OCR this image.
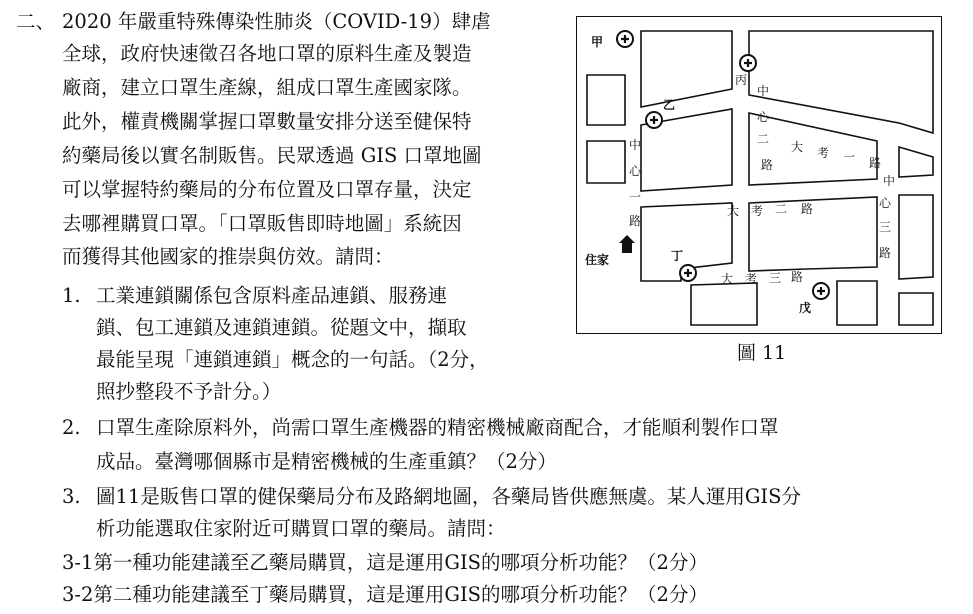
二、 2020 年嚴重特殊傳染性肺炎（COVID-19）肆虐
全球，政府快速徵召各地口罩的原料生產及製造
廠商，建立口罩生產線，組成口罩生產國家隊。
此外，權責機關掌握口罩數量安排分送至健保特
約藥局後以實名制販售。民眾透過 GIS 口罩地圖
可以掌握特約藥局的分布位置及口罩存量，決定
去哪裡購買口罩。「口罩販售即時地圖」系統因
而獲得其他國家的推崇與仿效。請問：
1. 工業連鎖關係包含原料產品連鎖、服務連
鎖、包工連鎖及連鎖連鎖。從題文中，擷取
最能呈現「連鎖連鎖」概念的一句話。（2分，
照抄整段不予計分。）
2. 口罩生產除原料外，尚需口罩生產機器的精密機械廠商配合，才能順利製作口罩
成品。臺灣哪個縣市是精密機械的生產重鎮？（2分）
3. 圖11是販售口罩的健保藥局分布及路網地圖，各藥局皆供應無虞。某人運用GIS分
析功能選取住家附近可購買口罩的藥局。請問：
3-1第一種功能建議至乙藥局購買，這是運用GIS的哪項分析功能？（2分）
3-2第二種功能建議至丁藥局購買，這是運用GIS的哪項分析功能？（2分）
甲
丙
乙
丁
戊
住家
中
心
一
路
中
心
二
路
中
心
三
路
大 考 一 路
大 考 二 路
大 考 三 路
圖 11
